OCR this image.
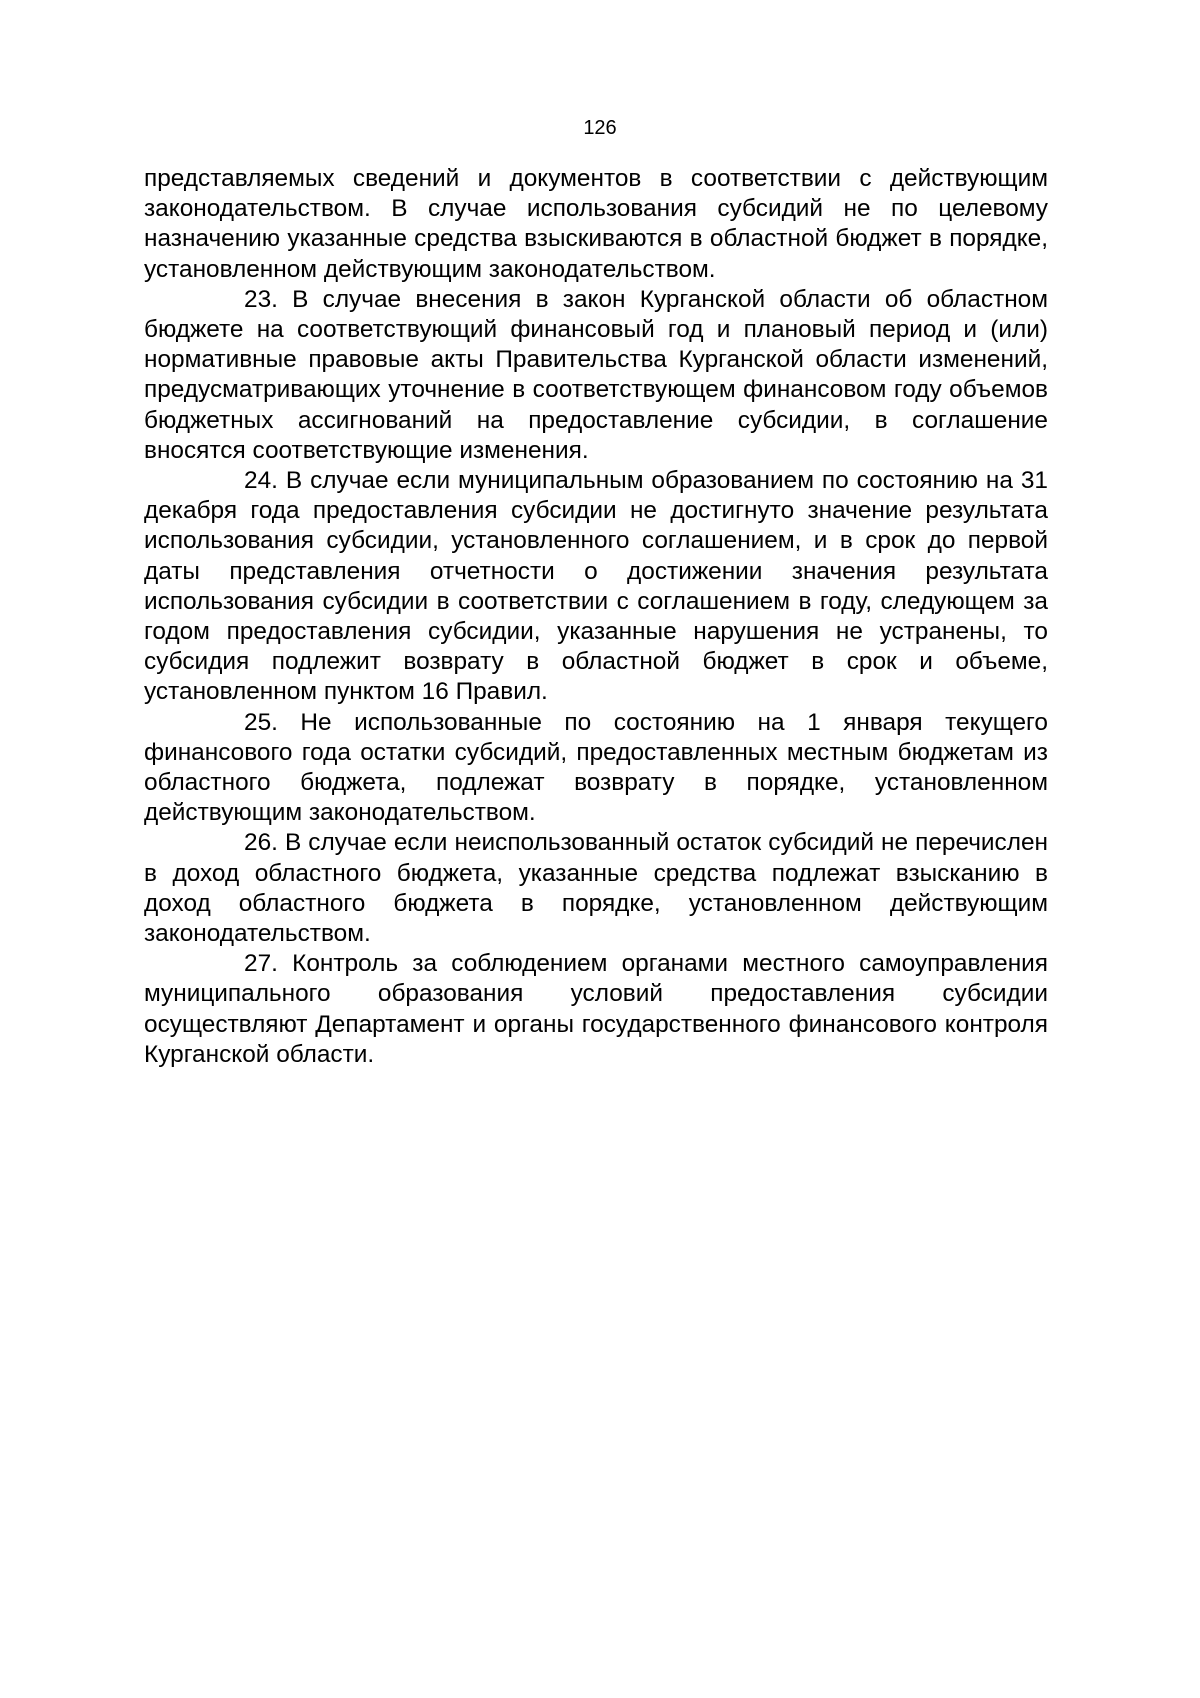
126

представляемых сведений и документов в соответствии с действующим законодательством. В случае использования субсидий не по целевому назначению указанные средства взыскиваются в областной бюджет в порядке, установленном действующим законодательством.

23. В случае внесения в закон Курганской области об областном бюджете на соответствующий финансовый год и плановый период и (или) нормативные правовые акты Правительства Курганской области изменений, предусматривающих уточнение в соответствующем финансовом году объемов бюджетных ассигнований на предоставление субсидии, в соглашение вносятся соответствующие изменения.

24. В случае если муниципальным образованием по состоянию на 31 декабря года предоставления субсидии не достигнуто значение результата использования субсидии, установленного соглашением, и в срок до первой даты представления отчетности о достижении значения результата использования субсидии в соответствии с соглашением в году, следующем за годом предоставления субсидии, указанные нарушения не устранены, то субсидия подлежит возврату в областной бюджет в срок и объеме, установленном пунктом 16 Правил.

25. Не использованные по состоянию на 1 января текущего финансового года остатки субсидий, предоставленных местным бюджетам из областного бюджета, подлежат возврату в порядке, установленном действующим законодательством.

26. В случае если неиспользованный остаток субсидий не перечислен в доход областного бюджета, указанные средства подлежат взысканию в доход областного бюджета в порядке, установленном действующим законодательством.

27. Контроль за соблюдением органами местного самоуправления муниципального образования условий предоставления субсидии осуществляют Департамент и органы государственного финансового контроля Курганской области.
